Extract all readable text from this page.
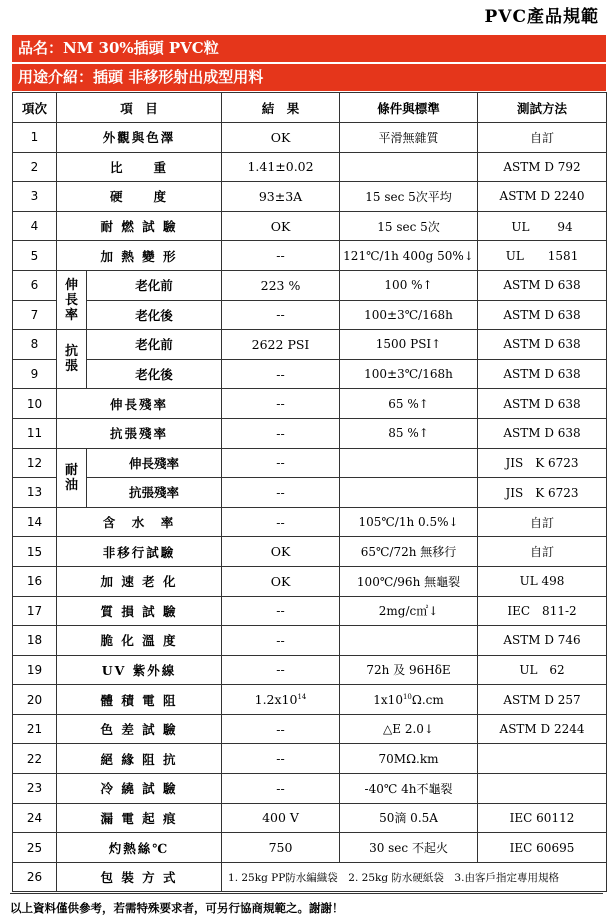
PVC產品規範
品名：NM 30%插頭 PVC粒
用途介紹：插頭 非移形射出成型用料
項次	項　目		結　果	條件與標準	測試方法
1	外觀與色澤		OK	平滑無雜質	自訂
2	比　　重		1.41±0.02		ASTM D 792
3	硬　　度		93±3A	15 sec 5次平均	ASTM D 2240
4	耐 燃 試 驗		OK	15 sec 5次	UL　　 94
5	加 熱 變 形		--	121℃/1h 400g 50%↓	UL　　1581
6	伸長率	老化前	223 %	100 %↑	ASTM D 638
7		老化後	--	100±3℃/168h	ASTM D 638
8	抗張	老化前	2622 PSI	1500 PSI↑	ASTM D 638
9		老化後	--	100±3℃/168h	ASTM D 638
10	伸長殘率		--	65 %↑	ASTM D 638
11	抗張殘率		--	85 %↑	ASTM D 638
12	耐油	伸長殘率	--		JIS　K 6723
13		抗張殘率	--		JIS　K 6723
14	含　水　率		--	105℃/1h 0.5%↓	自訂
15	非移行試驗		OK	65℃/72h 無移行	自訂
16	加 速 老 化		OK	100℃/96h 無龜裂	UL 498
17	質 損 試 驗		--	2mg/c㎡↓	IEC　811-2
18	脆 化 溫 度		--		ASTM D 746
19	UV 紫外線		--	72h 及 96HδE	UL　62
20	體 積 電 阻		$1.2x10^{14}$	$1x10^{10}\Omega.cm$	ASTM D 257
21	色 差 試 驗		--	△E 2.0↓	ASTM D 2244
22	絕 緣 阻 抗		--	70MΩ.km	
23	冷 繞 試 驗		--	-40℃ 4h不龜裂	
24	漏 電 起 痕		400 V	50滴 0.5A	IEC 60112
25	灼熱絲℃		750	30 sec 不起火	IEC 60695
26	包 裝 方 式		1. 25kg PP防水編織袋　2. 25kg 防水硬紙袋　3.由客戶指定專用規格		
以上資料僅供參考，若需特殊要求者，可另行協商規範之。謝謝！
